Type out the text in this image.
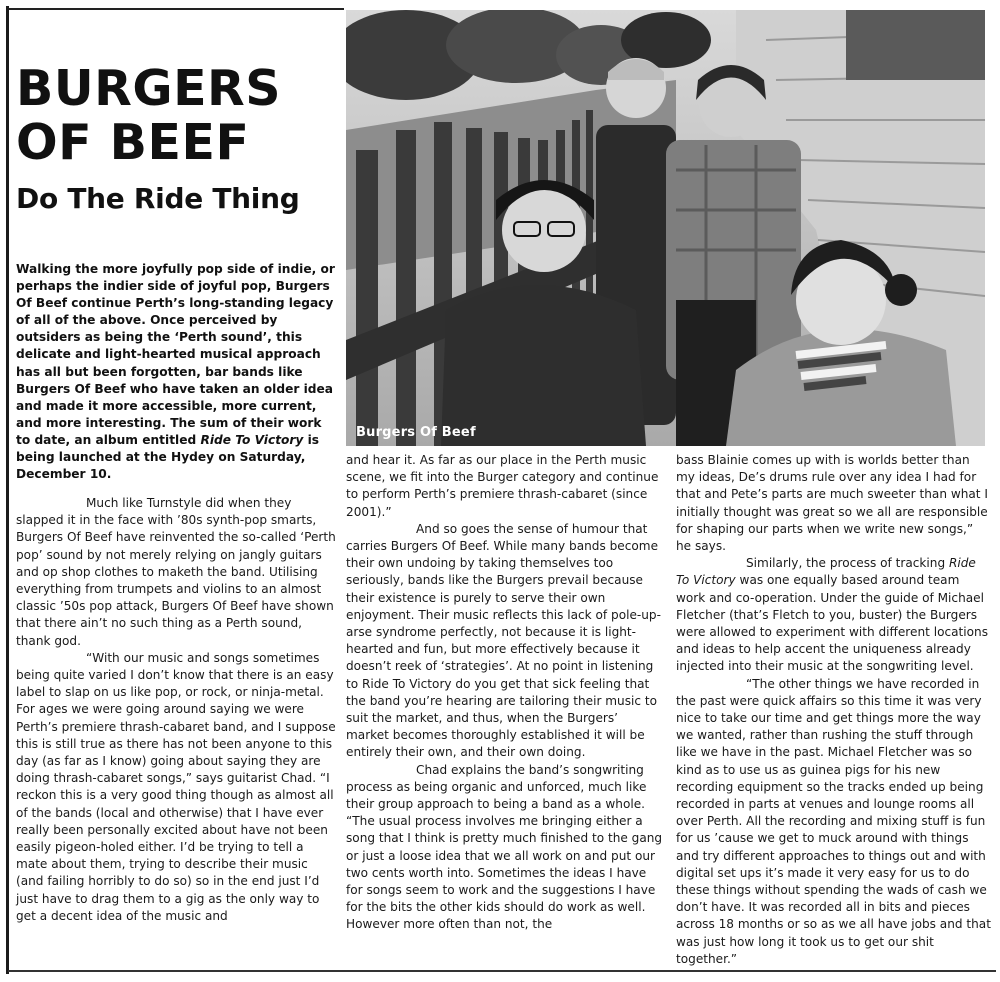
BURGERS OF BEEF
Do The Ride Thing

Walking the more joyfully pop side of indie, or perhaps the indier side of joyful pop, Burgers Of Beef continue Perth’s long-standing legacy of all of the above. Once perceived by outsiders as being the ‘Perth sound’, this delicate and light-hearted musical approach has all but been forgotten, bar bands like Burgers Of Beef who have taken an older idea and made it more accessible, more current, and more interesting. The sum of their work to date, an album entitled Ride To Victory is being launched at the Hydey on Saturday, December 10.

Much like Turnstyle did when they slapped it in the face with ’80s synth-pop smarts, Burgers Of Beef have reinvented the so-called ‘Perth pop’ sound by not merely relying on jangly guitars and op shop clothes to maketh the band. Utilising everything from trumpets and violins to an almost classic ’50s pop attack, Burgers Of Beef have shown that there ain’t no such thing as a Perth sound, thank god.

“With our music and songs sometimes being quite varied I don’t know that there is an easy label to slap on us like pop, or rock, or ninja-metal. For ages we were going around saying we were Perth’s premiere thrash-cabaret band, and I suppose this is still true as there has not been anyone to this day (as far as I know) going about saying they are doing thrash-cabaret songs,” says guitarist Chad. “I reckon this is a very good thing though as almost all of the bands (local and otherwise) that I have ever really been personally excited about have not been easily pigeon-holed either. I’d be trying to tell a mate about them, trying to describe their music (and failing horribly to do so) so in the end just I’d just have to drag them to a gig as the only way to get a decent idea of the music and

Burgers Of Beef

and hear it. As far as our place in the Perth music scene, we fit into the Burger category and continue to perform Perth’s premiere thrash-cabaret (since 2001).”

And so goes the sense of humour that carries Burgers Of Beef. While many bands become their own undoing by taking themselves too seriously, bands like the Burgers prevail because their existence is purely to serve their own enjoyment. Their music reflects this lack of pole-up-arse syndrome perfectly, not because it is light-hearted and fun, but more effectively because it doesn’t reek of ‘strategies’. At no point in listening to Ride To Victory do you get that sick feeling that the band you’re hearing are tailoring their music to suit the market, and thus, when the Burgers’ market becomes thoroughly established it will be entirely their own, and their own doing.

Chad explains the band’s songwriting process as being organic and unforced, much like their group approach to being a band as a whole. “The usual process involves me bringing either a song that I think is pretty much finished to the gang or just a loose idea that we all work on and put our two cents worth into. Sometimes the ideas I have for songs seem to work and the suggestions I have for the bits the other kids should do work as well. However more often than not, the

bass Blainie comes up with is worlds better than my ideas, De’s drums rule over any idea I had for that and Pete’s parts are much sweeter than what I initially thought was great so we all are responsible for shaping our parts when we write new songs,” he says.

Similarly, the process of tracking Ride To Victory was one equally based around team work and co-operation. Under the guide of Michael Fletcher (that’s Fletch to you, buster) the Burgers were allowed to experiment with different locations and ideas to help accent the uniqueness already injected into their music at the songwriting level.

“The other things we have recorded in the past were quick affairs so this time it was very nice to take our time and get things more the way we wanted, rather than rushing the stuff through like we have in the past. Michael Fletcher was so kind as to use us as guinea pigs for his new recording equipment so the tracks ended up being recorded in parts at venues and lounge rooms all over Perth. All the recording and mixing stuff is fun for us ’cause we get to muck around with things and try different approaches to things out and with digital set ups it’s made it very easy for us to do these things without spending the wads of cash we don’t have. It was recorded all in bits and pieces across 18 months or so as we all have jobs and that was just how long it took us to get our shit together.”
